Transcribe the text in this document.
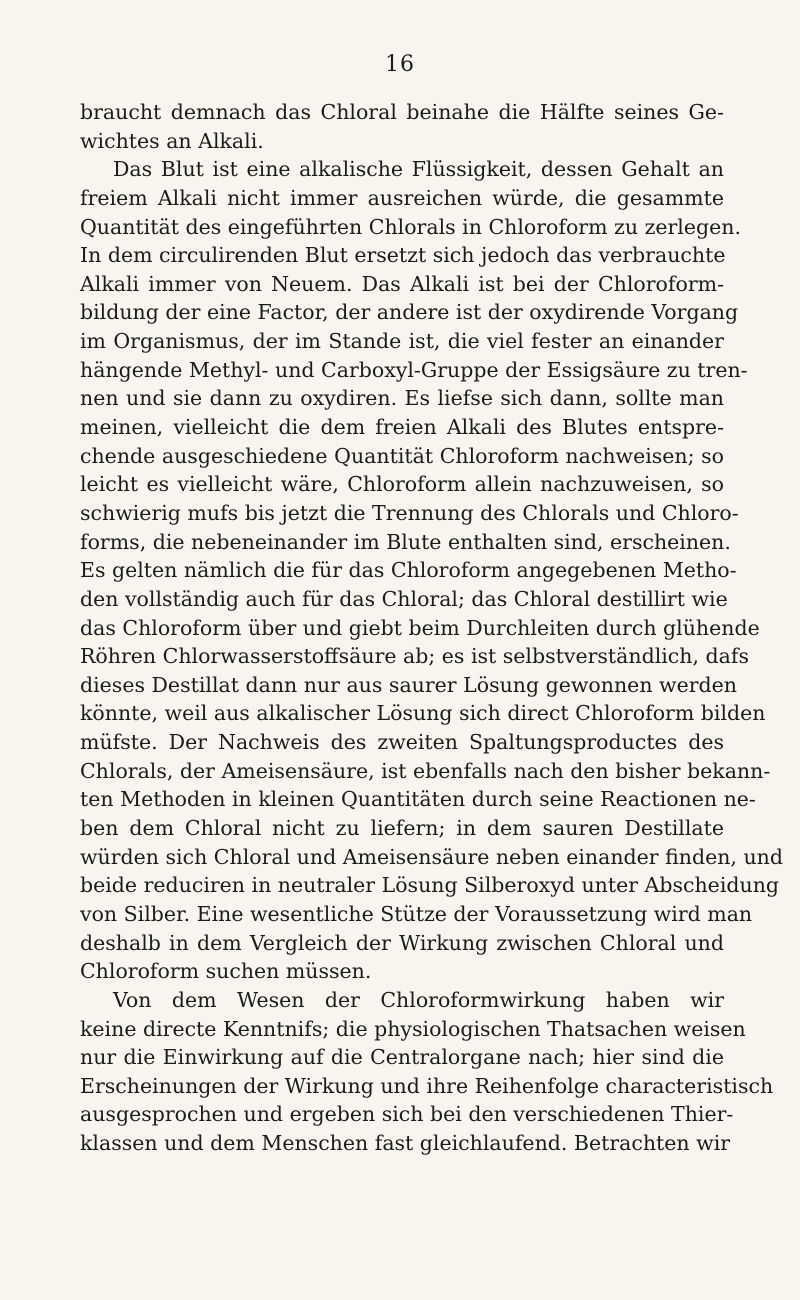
16
braucht demnach das Chloral beinahe die Hälfte seines Ge-
wichtes an Alkali.
Das Blut ist eine alkalische Flüssigkeit, dessen Gehalt an
freiem Alkali nicht immer ausreichen würde, die gesammte
Quantität des eingeführten Chlorals in Chloroform zu zerlegen.
In dem circulirenden Blut ersetzt sich jedoch das verbrauchte
Alkali immer von Neuem. Das Alkali ist bei der Chloroform-
bildung der eine Factor, der andere ist der oxydirende Vorgang
im Organismus, der im Stande ist, die viel fester an einander
hängende Methyl- und Carboxyl-Gruppe der Essigsäure zu tren-
nen und sie dann zu oxydiren. Es liefse sich dann, sollte man
meinen, vielleicht die dem freien Alkali des Blutes entspre-
chende ausgeschiedene Quantität Chloroform nachweisen; so
leicht es vielleicht wäre, Chloroform allein nachzuweisen, so
schwierig mufs bis jetzt die Trennung des Chlorals und Chloro-
forms, die nebeneinander im Blute enthalten sind, erscheinen.
Es gelten nämlich die für das Chloroform angegebenen Metho-
den vollständig auch für das Chloral; das Chloral destillirt wie
das Chloroform über und giebt beim Durchleiten durch glühende
Röhren Chlorwasserstoffsäure ab; es ist selbstverständlich, dafs
dieses Destillat dann nur aus saurer Lösung gewonnen werden
könnte, weil aus alkalischer Lösung sich direct Chloroform bilden
müfste. Der Nachweis des zweiten Spaltungsproductes des
Chlorals, der Ameisensäure, ist ebenfalls nach den bisher bekann-
ten Methoden in kleinen Quantitäten durch seine Reactionen ne-
ben dem Chloral nicht zu liefern; in dem sauren Destillate
würden sich Chloral und Ameisensäure neben einander finden, und
beide reduciren in neutraler Lösung Silberoxyd unter Abscheidung
von Silber. Eine wesentliche Stütze der Voraussetzung wird man
deshalb in dem Vergleich der Wirkung zwischen Chloral und
Chloroform suchen müssen.
Von dem Wesen der Chloroformwirkung haben wir
keine directe Kenntnifs; die physiologischen Thatsachen weisen
nur die Einwirkung auf die Centralorgane nach; hier sind die
Erscheinungen der Wirkung und ihre Reihenfolge characteristisch
ausgesprochen und ergeben sich bei den verschiedenen Thier-
klassen und dem Menschen fast gleichlaufend. Betrachten wir
